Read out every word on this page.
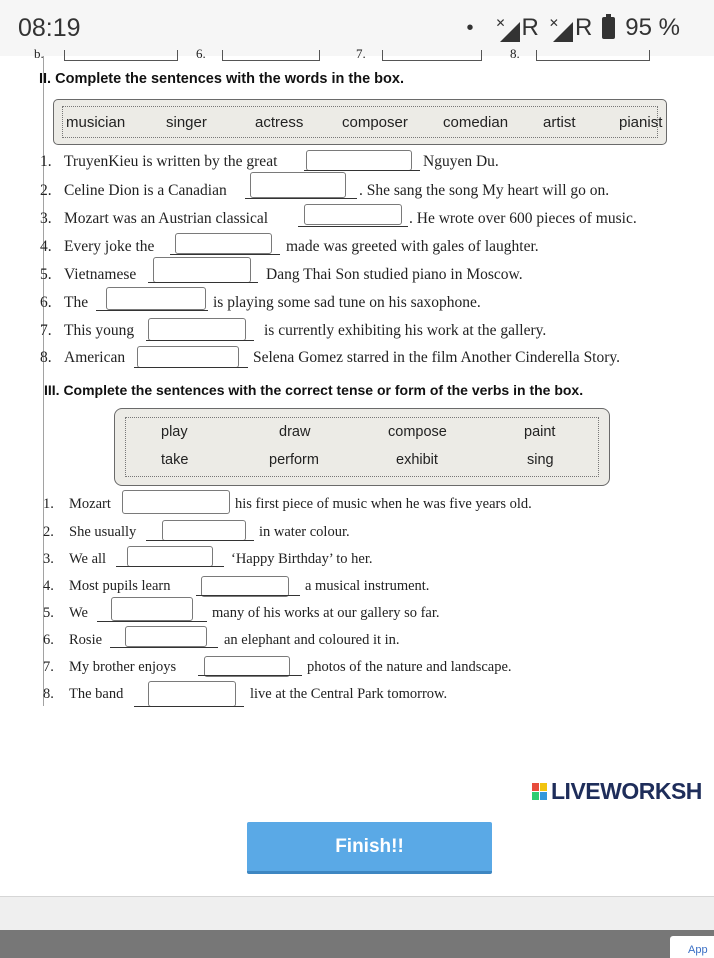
08:19	• ✕ R ✕ R 95 %
b.	6.	7.	8.
II. Complete the sentences with the words in the box.
musician	singer	actress	composer comedian artist	pianist
1. TruyenKieu is written by the great	Nguyen Du.
2. Celine Dion is a Canadian	. She sang the song My heart will go on.
3. Mozart was an Austrian classical	. He wrote over 600 pieces of music.
4. Every joke the	made was greeted with gales of laughter.
5. Vietnamese	Dang Thai Son studied piano in Moscow.
6. The	is playing some sad tune on his saxophone.
7. This young	is currently exhibiting his work at the gallery.
8. American	Selena Gomez starred in the film Another Cinderella Story.
III. Complete the sentences with the correct tense or form of the verbs in the box.
play	draw	compose	paint
take	perform	exhibit	sing
1. Mozart	his first piece of music when he was five years old.
2. She usually	in water colour.
3. We all	‘Happy Birthday’ to her.
4. Most pupils learn	a musical instrument.
5. We	many of his works at our gallery so far.
6. Rosie	an elephant and coloured it in.
7. My brother enjoys	photos of the nature and landscape.
8. The band	live at the Central Park tomorrow.
LIVEWORKSH
Finish!!
App
